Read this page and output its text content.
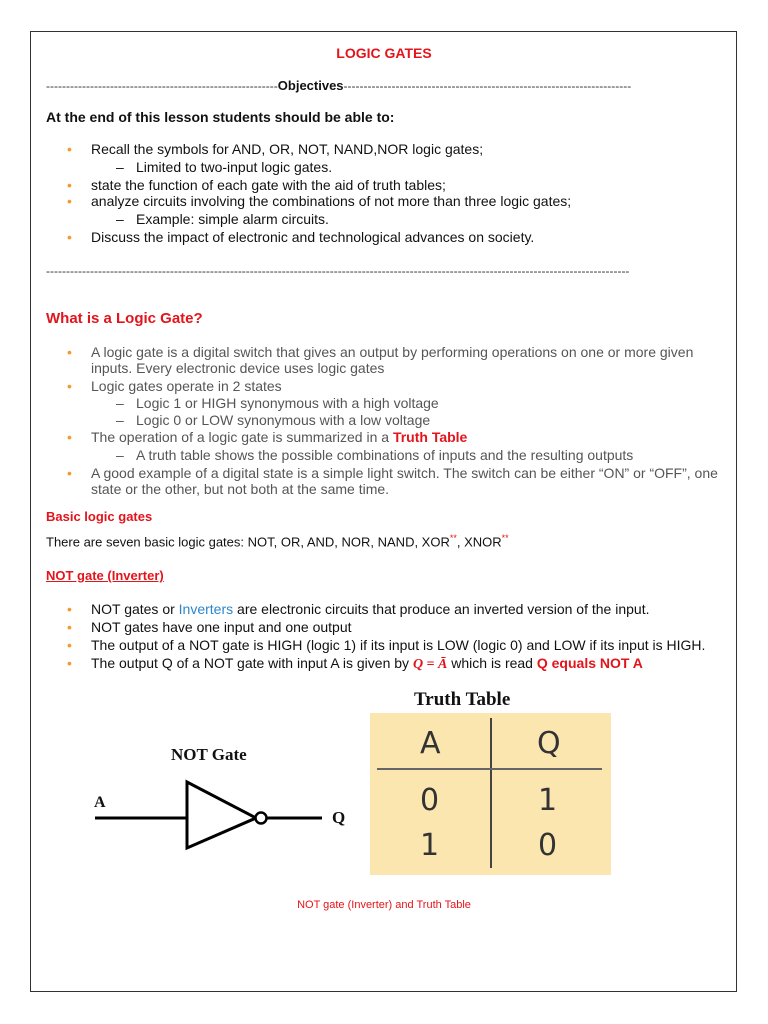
LOGIC GATES
----------------------------------------------------------Objectives------------------------------------------------------------------------
At the end of this lesson students should be able to:
• Recall the symbols for AND, OR, NOT, NAND,NOR logic gates;
– Limited to two-input logic gates.
• state the function of each gate with the aid of truth tables;
• analyze circuits involving the combinations of not more than three logic gates;
– Example: simple alarm circuits.
• Discuss the impact of electronic and technological advances on society.
--------------------------------------------------------------------------------------------------------------------------------------------------
What is a Logic Gate?
• A logic gate is a digital switch that gives an output by performing operations on one or more given
inputs. Every electronic device uses logic gates
• Logic gates operate in 2 states
– Logic 1 or HIGH synonymous with a high voltage
– Logic 0 or LOW synonymous with a low voltage
• The operation of a logic gate is summarized in a Truth Table
– A truth table shows the possible combinations of inputs and the resulting outputs
• A good example of a digital state is a simple light switch. The switch can be either “ON” or “OFF”, one
state or the other, but not both at the same time.
Basic logic gates
There are seven basic logic gates: NOT, OR, AND, NOR, NAND, XOR**, XNOR**
NOT gate (Inverter)
• NOT gates or Inverters are electronic circuits that produce an inverted version of the input.
• NOT gates have one input and one output
• The output of a NOT gate is HIGH (logic 1) if its input is LOW (logic 0) and LOW if its input is HIGH.
• The output Q of a NOT gate with input A is given by Q = Ā which is read Q equals NOT A
NOT Gate
A
Q
Truth Table
A	Q
0	1
1	0
NOT gate (Inverter) and Truth Table
